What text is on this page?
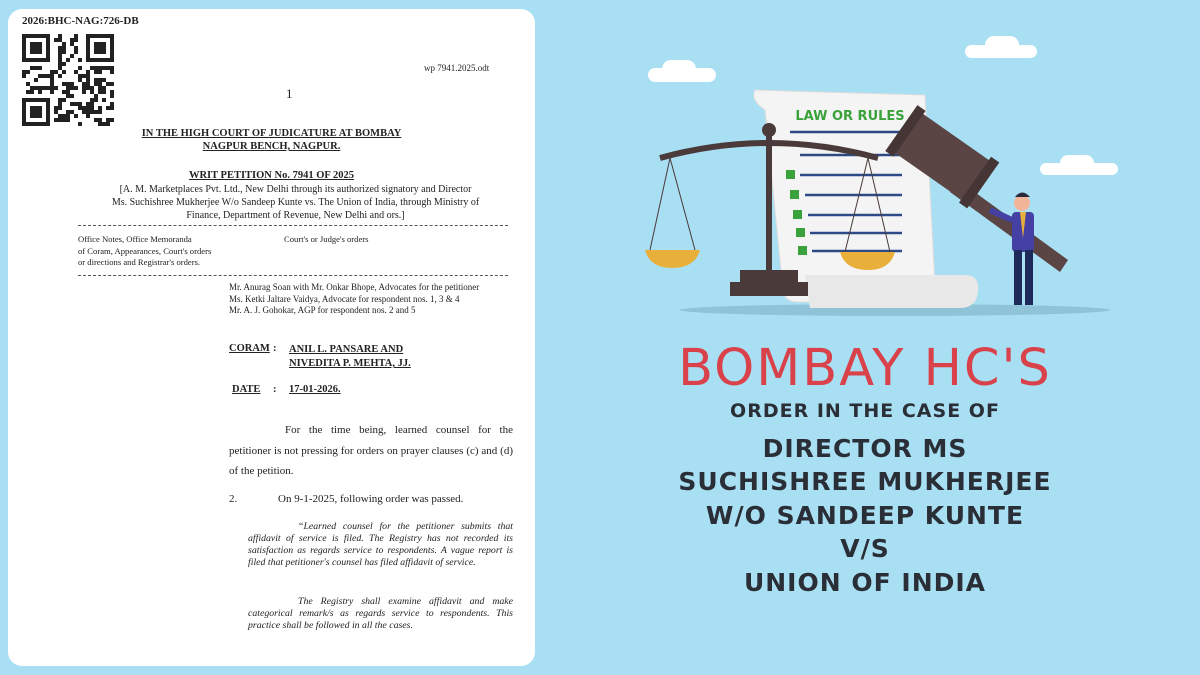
2026:BHC-NAG:726-DB
wp 7941.2025.odt
1
IN THE HIGH COURT OF JUDICATURE AT BOMBAY
NAGPUR BENCH, NAGPUR.
WRIT PETITION No. 7941 OF 2025
[A. M. Marketplaces Pvt. Ltd., New Delhi through its authorized signatory and Director
Ms. Suchishree Mukherjee W/o Sandeep Kunte vs. The Union of India, through Ministry of
Finance, Department of Revenue, New Delhi and ors.]
Office Notes, Office Memoranda
of Coram, Appearances, Court's orders
or directions and Registrar's orders.
Court's or Judge's orders
Mr. Anurag Soan with Mr. Onkar Bhope, Advocates for the petitioner
Ms. Ketki Jaltare Vaidya, Advocate for respondent nos. 1, 3 & 4
Mr. A. J. Gohokar, AGP for respondent nos. 2 and 5
CORAM : ANIL L. PANSARE AND
NIVEDITA P. MEHTA, JJ.
DATE : 17-01-2026.
For the time being, learned counsel for the petitioner is not pressing for orders on prayer clauses (c) and (d) of the petition.
2.	On 9-1-2025, following order was passed.
“Learned counsel for the petitioner submits that affidavit of service is filed. The Registry has not recorded its satisfaction as regards service to respondents. A vague report is filed that petitioner's counsel has filed affidavit of service.
The Registry shall examine affidavit and make categorical remark/s as regards service to respondents. This practice shall be followed in all the cases.
LAW OR RULES
BOMBAY HC'S
ORDER IN THE CASE OF
DIRECTOR MS
SUCHISHREE MUKHERJEE
W/O SANDEEP KUNTE
V/S
UNION OF INDIA
